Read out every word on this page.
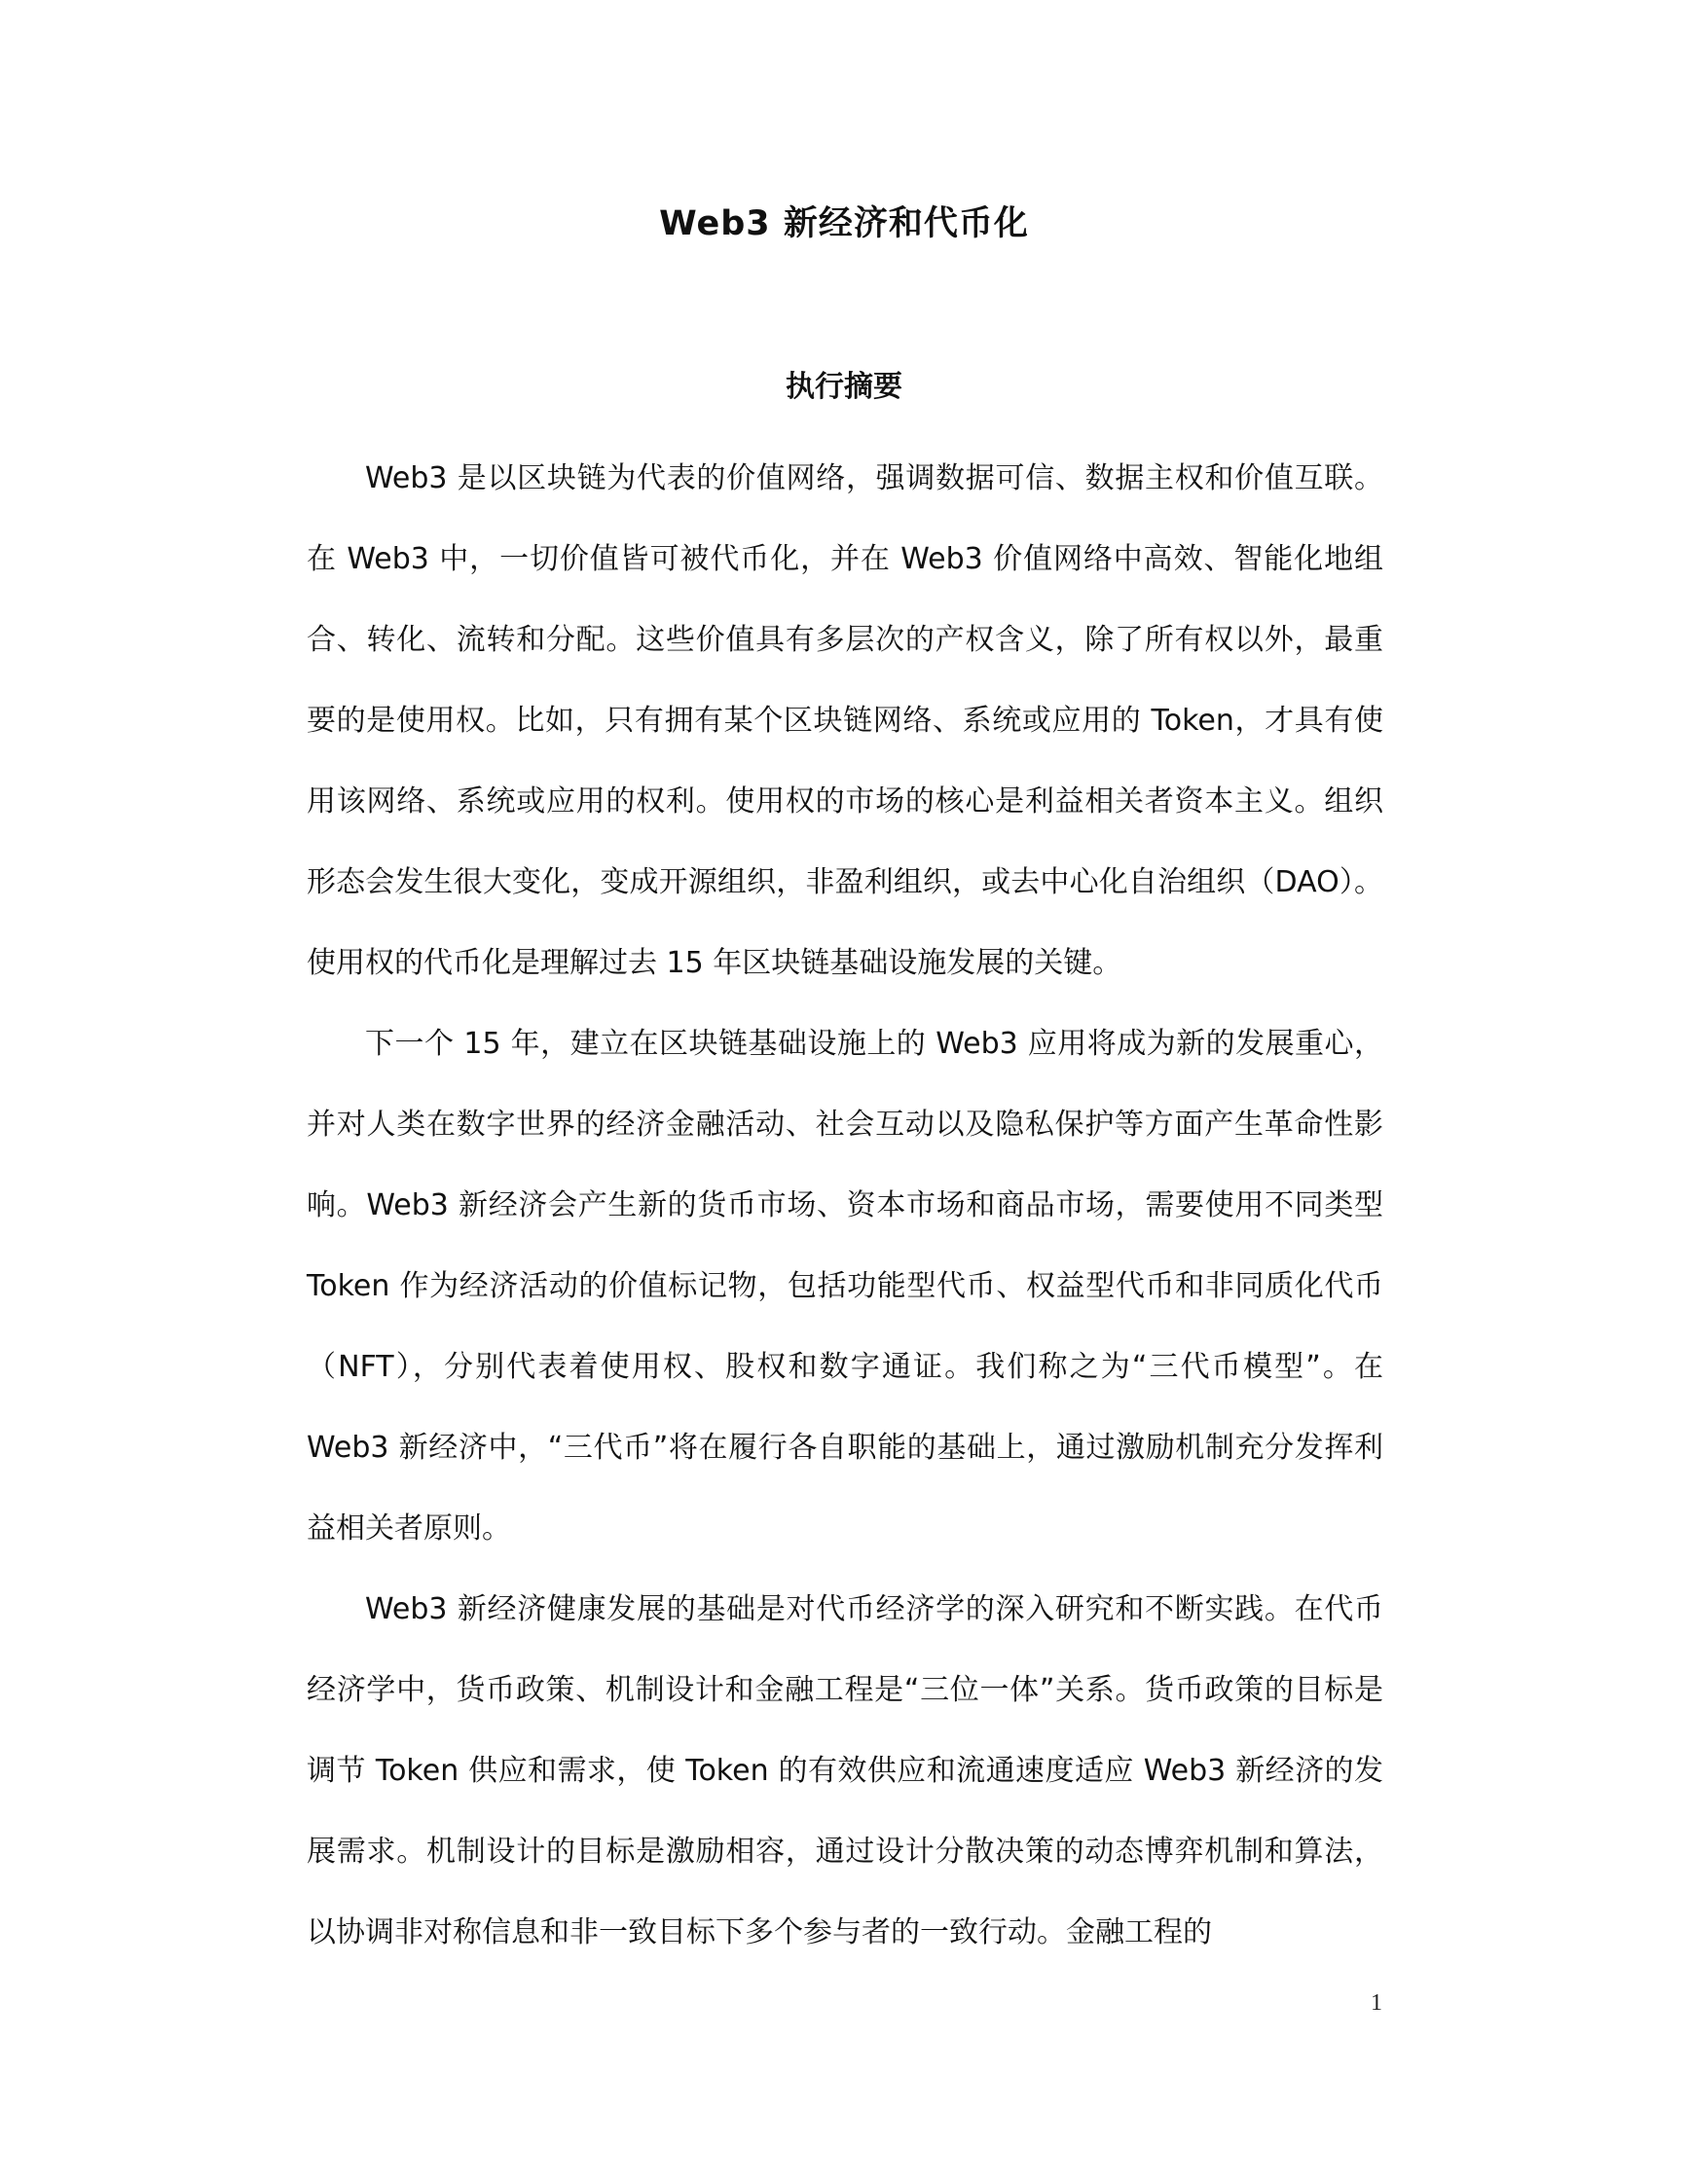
Web3 新经济和代币化
执行摘要

Web3 是以区块链为代表的价值网络，强调数据可信、数据主权和价值互联。在 Web3 中，一切价值皆可被代币化，并在 Web3 价值网络中高效、智能化地组合、转化、流转和分配。这些价值具有多层次的产权含义，除了所有权以外，最重要的是使用权。比如，只有拥有某个区块链网络、系统或应用的 Token，才具有使用该网络、系统或应用的权利。使用权的市场的核心是利益相关者资本主义。组织形态会发生很大变化，变成开源组织，非盈利组织，或去中心化自治组织（DAO）。使用权的代币化是理解过去 15 年区块链基础设施发展的关键。

下一个 15 年，建立在区块链基础设施上的 Web3 应用将成为新的发展重心，并对人类在数字世界的经济金融活动、社会互动以及隐私保护等方面产生革命性影响。Web3 新经济会产生新的货币市场、资本市场和商品市场，需要使用不同类型 Token 作为经济活动的价值标记物，包括功能型代币、权益型代币和非同质化代币（NFT），分别代表着使用权、股权和数字通证。我们称之为“三代币模型”。在 Web3 新经济中，“三代币”将在履行各自职能的基础上，通过激励机制充分发挥利益相关者原则。

Web3 新经济健康发展的基础是对代币经济学的深入研究和不断实践。在代币经济学中，货币政策、机制设计和金融工程是“三位一体”关系。货币政策的目标是调节 Token 供应和需求，使 Token 的有效供应和流通速度适应 Web3 新经济的发展需求。机制设计的目标是激励相容，通过设计分散决策的动态博弈机制和算法，以协调非对称信息和非一致目标下多个参与者的一致行动。金融工程的

1
